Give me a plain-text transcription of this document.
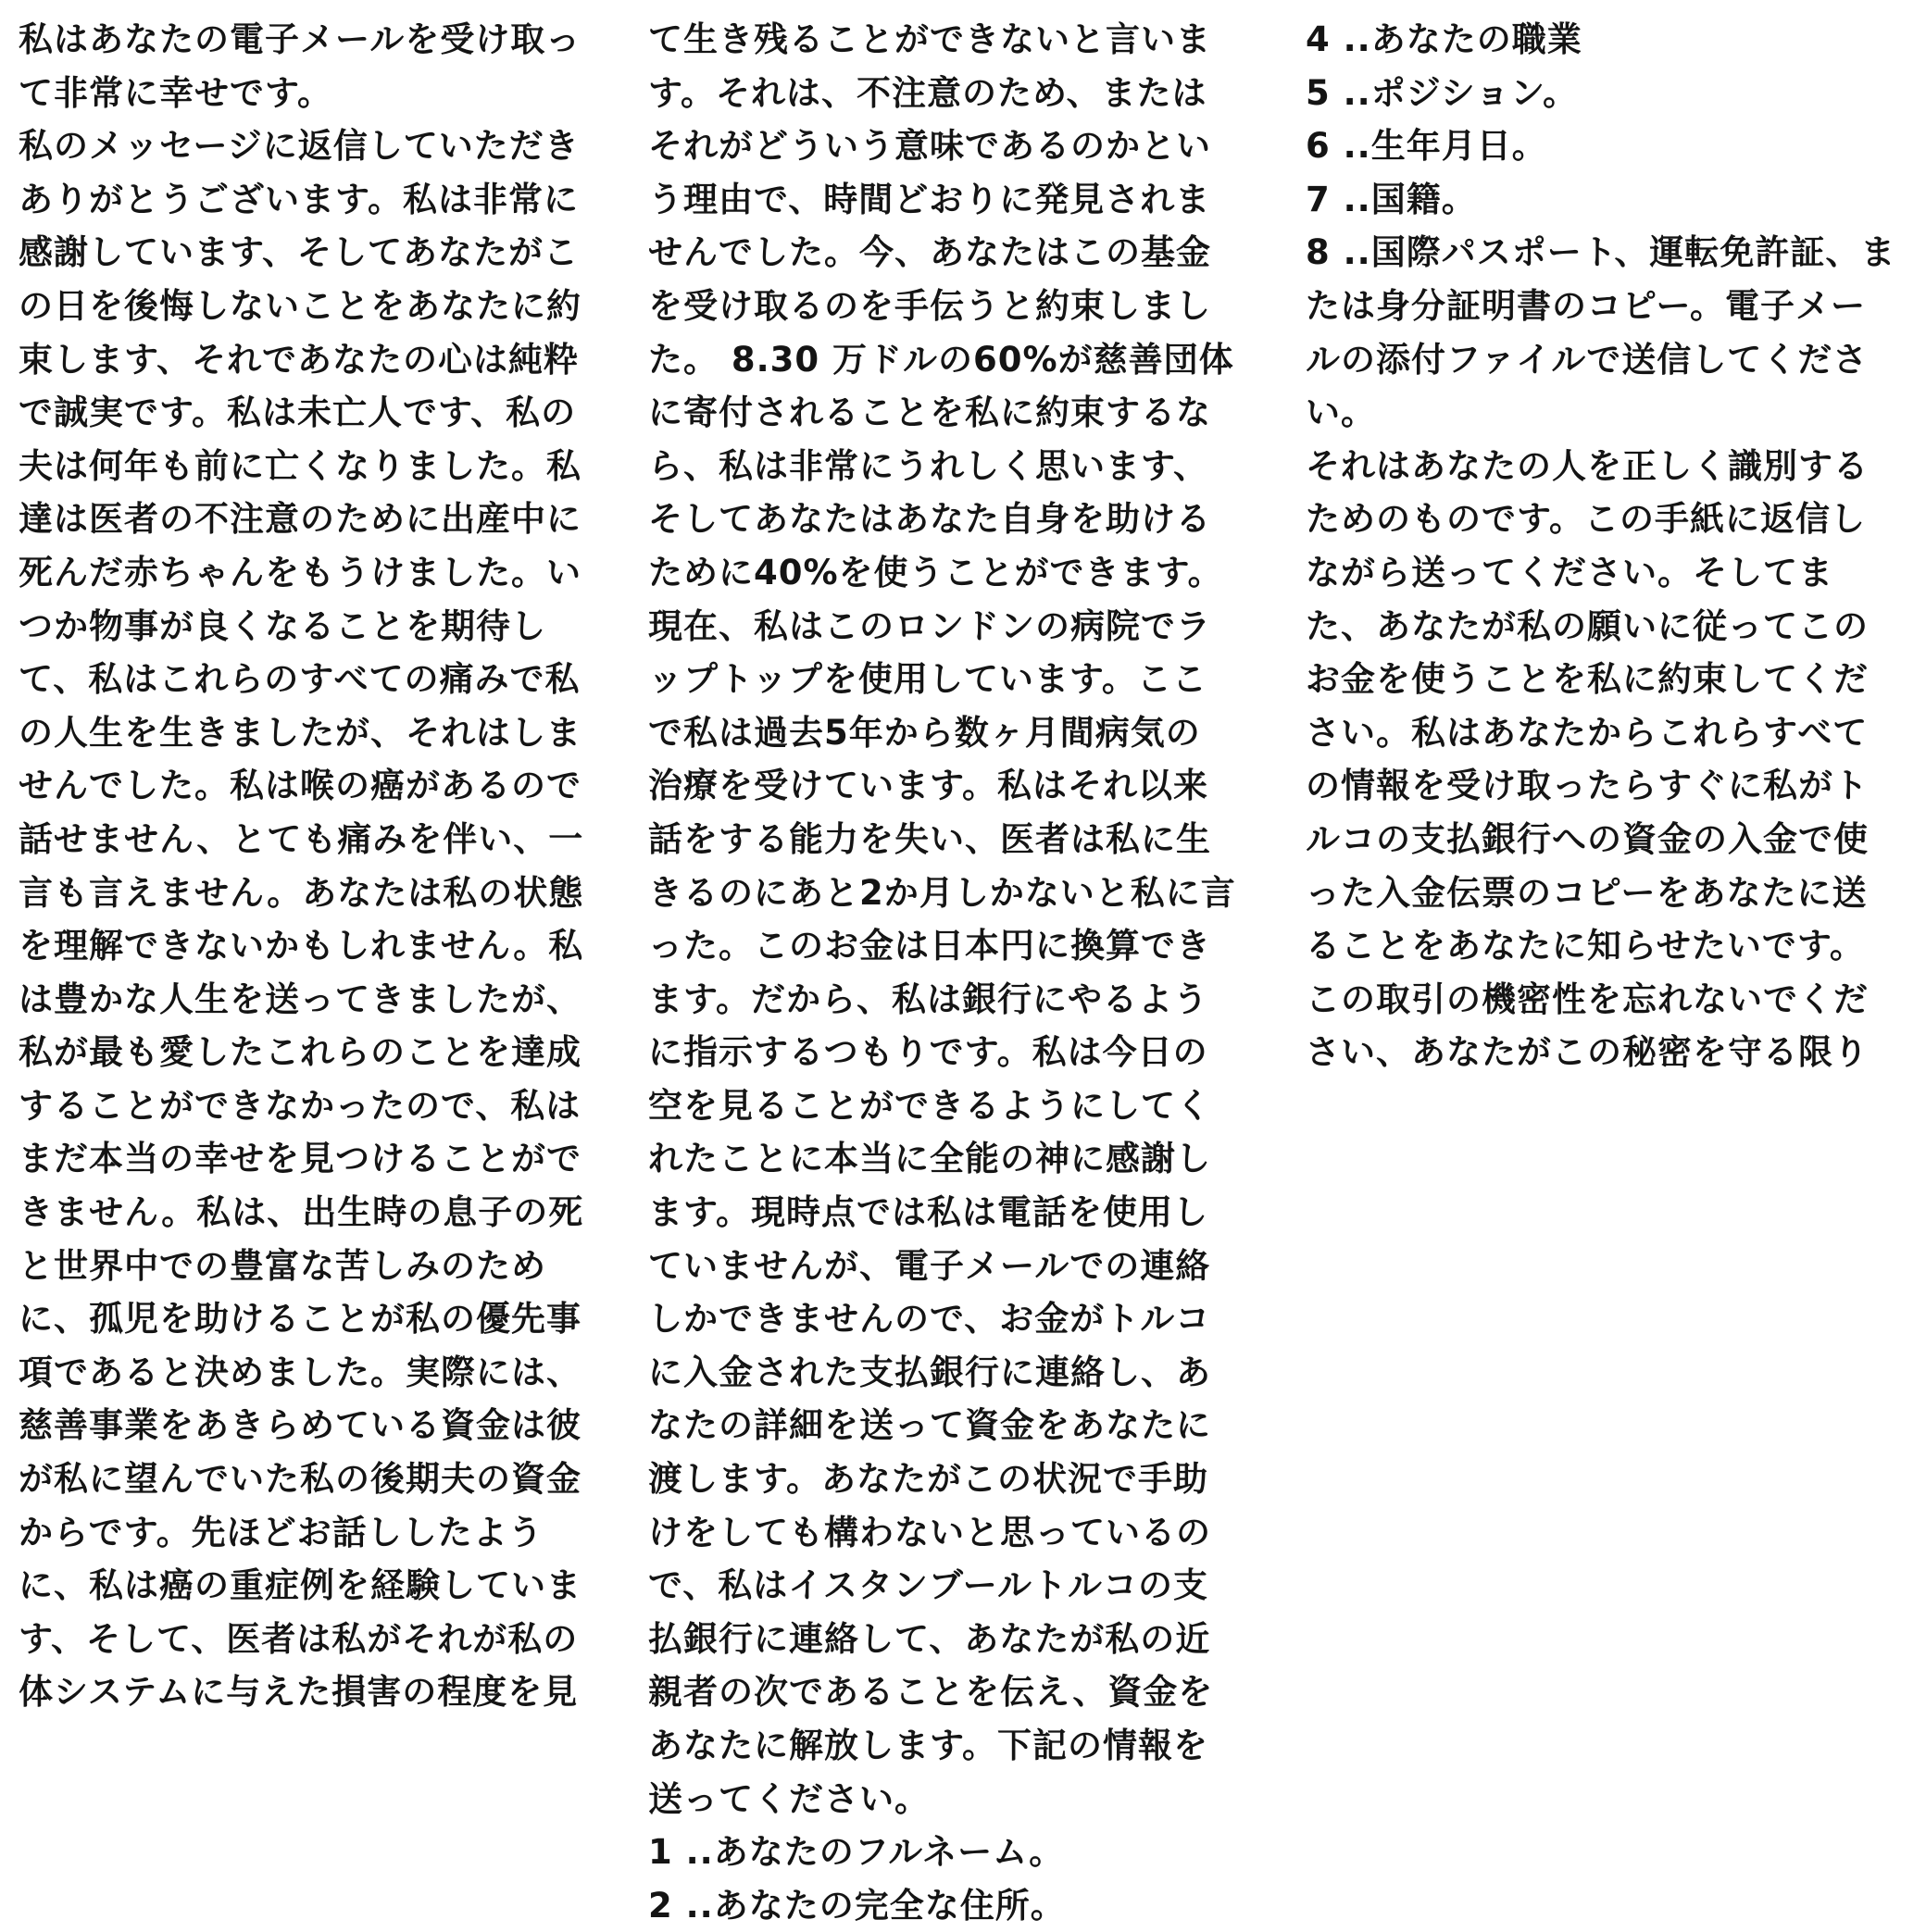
私はあなたの電子メールを受け取っ
て非常に幸せです。
私のメッセージに返信していただき
ありがとうございます。私は非常に
感謝しています、そしてあなたがこ
の日を後悔しないことをあなたに約
束します、それであなたの心は純粋
で誠実です。私は未亡人です、私の
夫は何年も前に亡くなりました。私
達は医者の不注意のために出産中に
死んだ赤ちゃんをもうけました。い
つか物事が良くなることを期待し
て、私はこれらのすべての痛みで私
の人生を生きましたが、それはしま
せんでした。私は喉の癌があるので
話せません、とても痛みを伴い、一
言も言えません。あなたは私の状態
を理解できないかもしれません。私
は豊かな人生を送ってきましたが、
私が最も愛したこれらのことを達成
することができなかったので、私は
まだ本当の幸せを見つけることがで
きません。私は、出生時の息子の死
と世界中での豊富な苦しみのため
に、孤児を助けることが私の優先事
項であると決めました。実際には、
慈善事業をあきらめている資金は彼
が私に望んでいた私の後期夫の資金
からです。先ほどお話ししたよう
に、私は癌の重症例を経験していま
す、そして、医者は私がそれが私の
体システムに与えた損害の程度を見
て生き残ることができないと言いま
す。それは、不注意のため、または
それがどういう意味であるのかとい
う理由で、時間どおりに発見されま
せんでした。今、あなたはこの基金
を受け取るのを手伝うと約束しまし
た。 8.30 万ドルの60%が慈善団体
に寄付されることを私に約束するな
ら、私は非常にうれしく思います、
そしてあなたはあなた自身を助ける
ために40%を使うことができます。
現在、私はこのロンドンの病院でラ
ップトップを使用しています。ここ
で私は過去5年から数ヶ月間病気の
治療を受けています。私はそれ以来
話をする能力を失い、医者は私に生
きるのにあと2か月しかないと私に言
った。このお金は日本円に換算でき
ます。だから、私は銀行にやるよう
に指示するつもりです。私は今日の
空を見ることができるようにしてく
れたことに本当に全能の神に感謝し
ます。現時点では私は電話を使用し
ていませんが、電子メールでの連絡
しかできませんので、お金がトルコ
に入金された支払銀行に連絡し、あ
なたの詳細を送って資金をあなたに
渡します。あなたがこの状況で手助
けをしても構わないと思っているの
で、私はイスタンブールトルコの支
払銀行に連絡して、あなたが私の近
親者の次であることを伝え、資金を
あなたに解放します。下記の情報を
送ってください。
1 ..あなたのフルネーム。
2 ..あなたの完全な住所。
4 ..あなたの職業
5 ..ポジション。
6 ..生年月日。
7 ..国籍。
8 ..国際パスポート、運転免許証、ま
たは身分証明書のコピー。電子メー
ルの添付ファイルで送信してくださ
い。
それはあなたの人を正しく識別する
ためのものです。この手紙に返信し
ながら送ってください。そしてま
た、あなたが私の願いに従ってこの
お金を使うことを私に約束してくだ
さい。私はあなたからこれらすべて
の情報を受け取ったらすぐに私がト
ルコの支払銀行への資金の入金で使
った入金伝票のコピーをあなたに送
ることをあなたに知らせたいです。
この取引の機密性を忘れないでくだ
さい、あなたがこの秘密を守る限り
